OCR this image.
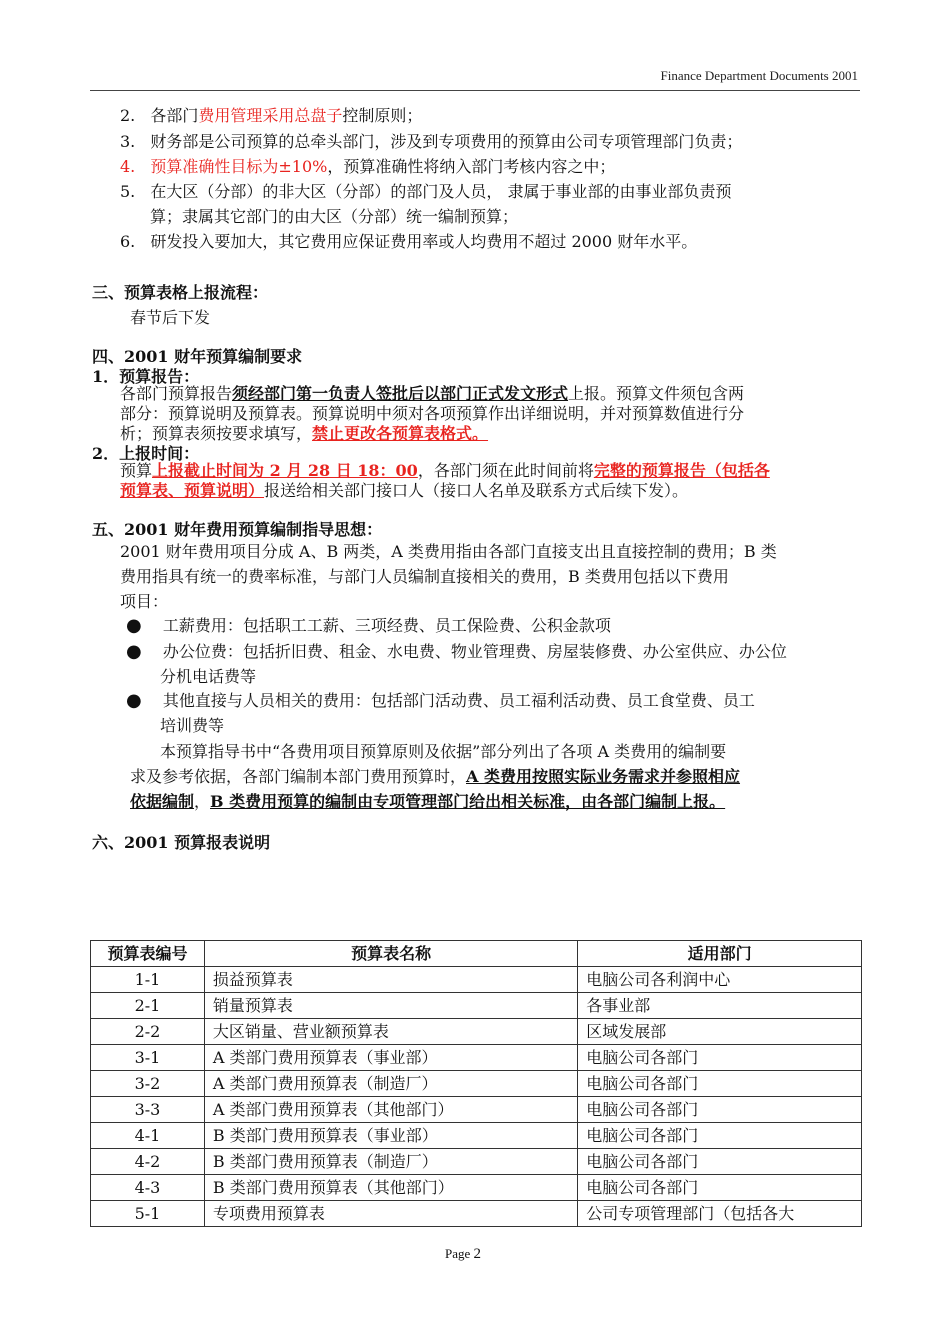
Finance Department Documents 2001
2. 各部门费用管理采用总盘子控制原则；
3. 财务部是公司预算的总牵头部门，涉及到专项费用的预算由公司专项管理部门负责；
4. 预算准确性目标为±10%，预算准确性将纳入部门考核内容之中；
5. 在大区（分部）的非大区（分部）的部门及人员， 隶属于事业部的由事业部负责预
算；隶属其它部门的由大区（分部）统一编制预算；
6. 研发投入要加大，其它费用应保证费用率或人均费用不超过 2000 财年水平。
三、预算表格上报流程：
春节后下发
四、2001 财年预算编制要求
1．预算报告：
各部门预算报告须经部门第一负责人签批后以部门正式发文形式上报。预算文件须包含两
部分：预算说明及预算表。预算说明中须对各项预算作出详细说明，并对预算数值进行分
析；预算表须按要求填写，禁止更改各预算表格式。
2．上报时间：
预算上报截止时间为 2 月 28 日 18：00，各部门须在此时间前将完整的预算报告（包括各
预算表、预算说明）报送给相关部门接口人（接口人名单及联系方式后续下发）。
五、2001 财年费用预算编制指导思想：
2001 财年费用项目分成 A、B 两类，A 类费用指由各部门直接支出且直接控制的费用；B 类
费用指具有统一的费率标准，与部门人员编制直接相关的费用，B 类费用包括以下费用
项目：
● 工薪费用：包括职工工薪、三项经费、员工保险费、公积金款项
● 办公位费：包括折旧费、租金、水电费、物业管理费、房屋装修费、办公室供应、办公位
分机电话费等
● 其他直接与人员相关的费用：包括部门活动费、员工福利活动费、员工食堂费、员工
培训费等
本预算指导书中“各费用项目预算原则及依据”部分列出了各项 A 类费用的编制要
求及参考依据，各部门编制本部门费用预算时，A 类费用按照实际业务需求并参照相应
依据编制，B 类费用预算的编制由专项管理部门给出相关标准，由各部门编制上报。
六、2001 预算报表说明
预算表编号	预算表名称	适用部门
1-1	损益预算表	电脑公司各利润中心
2-1	销量预算表	各事业部
2-2	大区销量、营业额预算表	区域发展部
3-1	A 类部门费用预算表（事业部）	电脑公司各部门
3-2	A 类部门费用预算表（制造厂）	电脑公司各部门
3-3	A 类部门费用预算表（其他部门）	电脑公司各部门
4-1	B 类部门费用预算表（事业部）	电脑公司各部门
4-2	B 类部门费用预算表（制造厂）	电脑公司各部门
4-3	B 类部门费用预算表（其他部门）	电脑公司各部门
5-1	专项费用预算表	公司专项管理部门（包括各大
Page 2
